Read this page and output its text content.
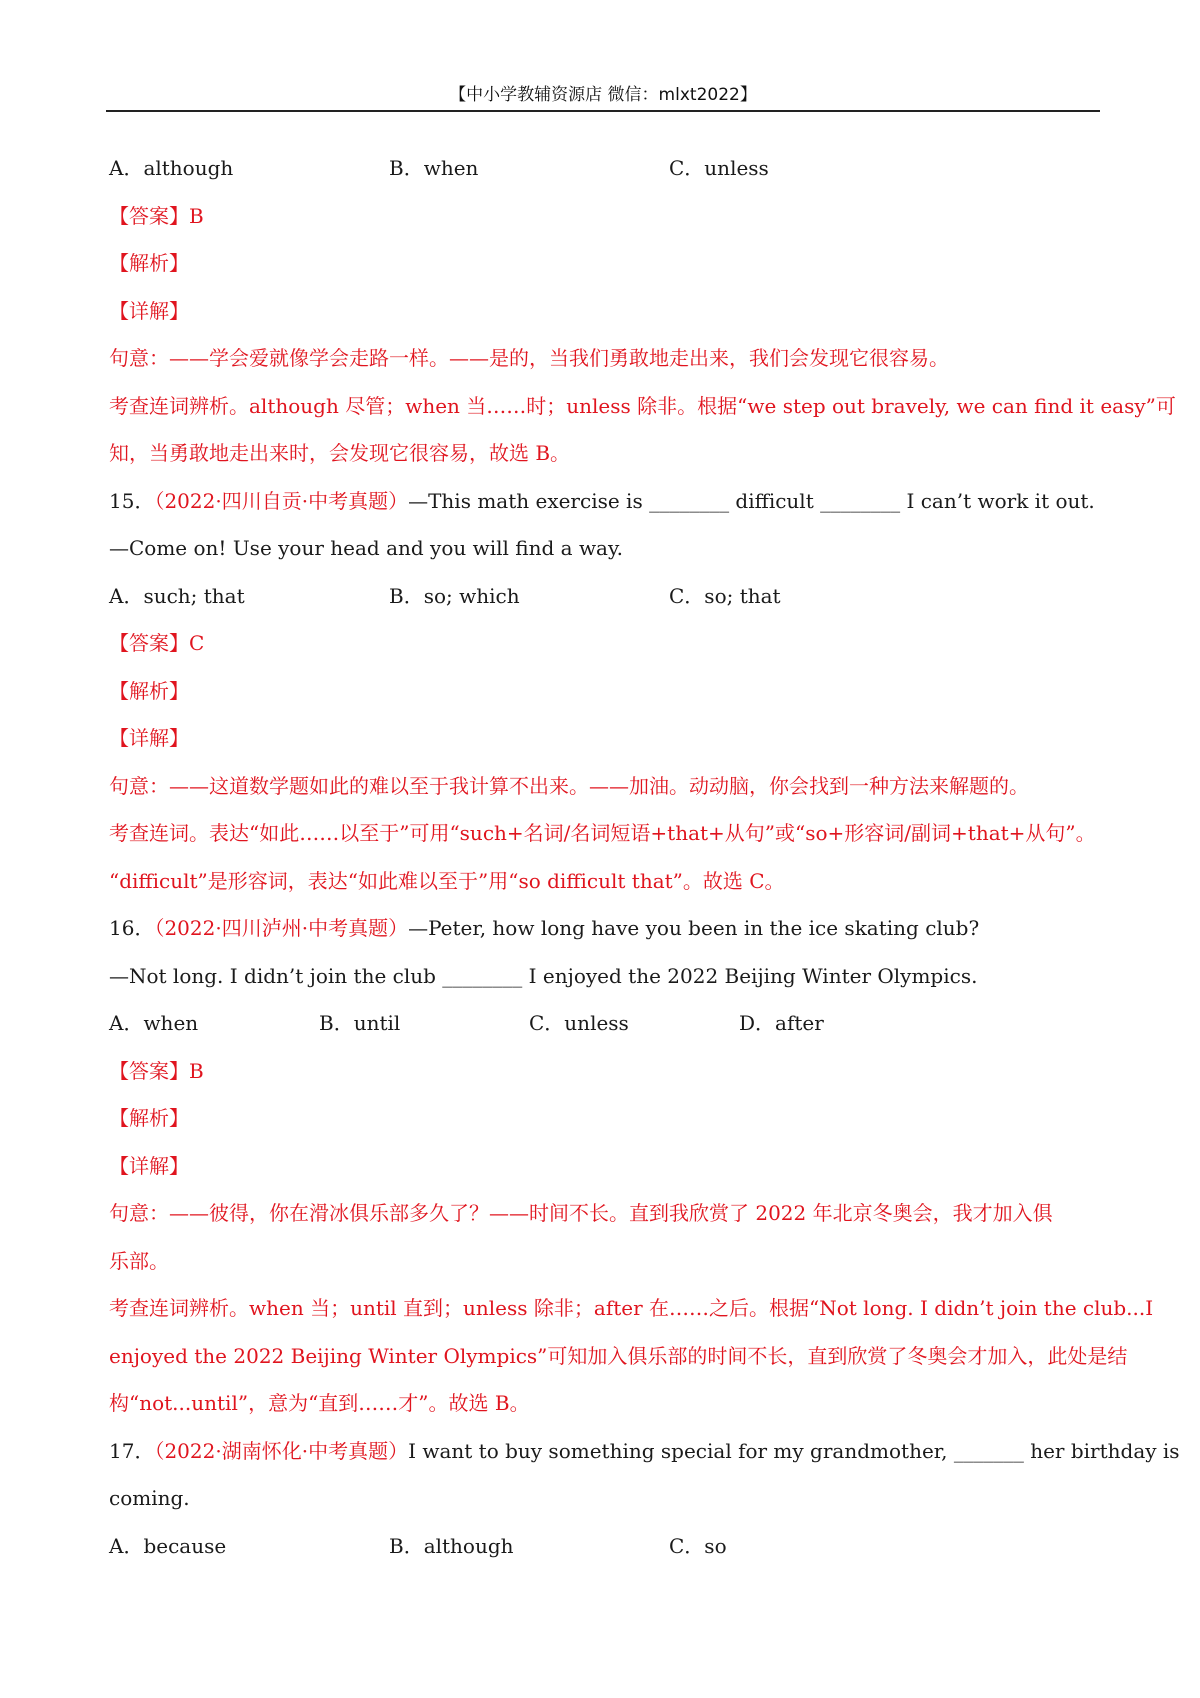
【中小学教辅资源店 微信：mlxt2022】
A．although	B．when	C．unless
【答案】B
【解析】
【详解】
句意：——学会爱就像学会走路一样。——是的，当我们勇敢地走出来，我们会发现它很容易。
考查连词辨析。although 尽管；when 当……时；unless 除非。根据“we step out bravely, we can find it easy”可
知，当勇敢地走出来时，会发现它很容易，故选 B。
15．（2022·四川自贡·中考真题）—This math exercise is ________ difficult ________ I can’t work it out.
—Come on! Use your head and you will find a way.
A．such; that	B．so; which	C．so; that
【答案】C
【解析】
【详解】
句意：——这道数学题如此的难以至于我计算不出来。——加油。动动脑，你会找到一种方法来解题的。
考查连词。表达“如此……以至于”可用“such+名词/名词短语+that+从句”或“so+形容词/副词+that+从句”。
“difficult”是形容词，表达“如此难以至于”用“so difficult that”。故选 C。
16．（2022·四川泸州·中考真题）—Peter, how long have you been in the ice skating club?
—Not long. I didn’t join the club ________ I enjoyed the 2022 Beijing Winter Olympics.
A．when	B．until	C．unless	D．after
【答案】B
【解析】
【详解】
句意：——彼得，你在滑冰俱乐部多久了？——时间不长。直到我欣赏了 2022 年北京冬奥会，我才加入俱
乐部。
考查连词辨析。when 当；until 直到；unless 除非；after 在……之后。根据“Not long. I didn’t join the club...I
enjoyed the 2022 Beijing Winter Olympics”可知加入俱乐部的时间不长，直到欣赏了冬奥会才加入，此处是结
构“not...until”，意为“直到……才”。故选 B。
17．（2022·湖南怀化·中考真题）I want to buy something special for my grandmother, _______ her birthday is
coming.
A．because	B．although	C．so
